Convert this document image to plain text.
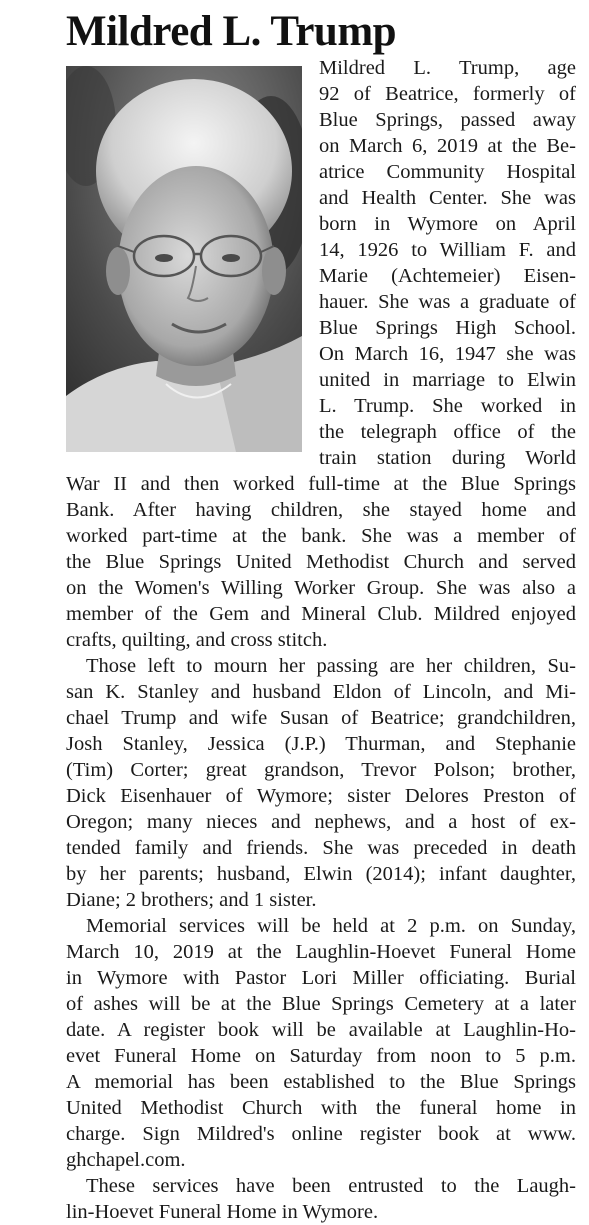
Mildred L. Trump
Mildred L. Trump, age
92 of Beatrice, formerly of
Blue Springs, passed away
on March 6, 2019 at the Be-
atrice Community Hospital
and Health Center. She was
born in Wymore on April
14, 1926 to William F. and
Marie (Achtemeier) Eisen-
hauer. She was a graduate of
Blue Springs High School.
On March 16, 1947 she was
united in marriage to Elwin
L. Trump. She worked in
the telegraph office of the
train station during World
War II and then worked full-time at the Blue Springs
Bank. After having children, she stayed home and
worked part-time at the bank. She was a member of
the Blue Springs United Methodist Church and served
on the Women's Willing Worker Group. She was also a
member of the Gem and Mineral Club. Mildred enjoyed
crafts, quilting, and cross stitch.
Those left to mourn her passing are her children, Su-
san K. Stanley and husband Eldon of Lincoln, and Mi-
chael Trump and wife Susan of Beatrice; grandchildren,
Josh Stanley, Jessica (J.P.) Thurman, and Stephanie
(Tim) Corter; great grandson, Trevor Polson; brother,
Dick Eisenhauer of Wymore; sister Delores Preston of
Oregon; many nieces and nephews, and a host of ex-
tended family and friends. She was preceded in death
by her parents; husband, Elwin (2014); infant daughter,
Diane; 2 brothers; and 1 sister.
Memorial services will be held at 2 p.m. on Sunday,
March 10, 2019 at the Laughlin-Hoevet Funeral Home
in Wymore with Pastor Lori Miller officiating. Burial
of ashes will be at the Blue Springs Cemetery at a later
date. A register book will be available at Laughlin-Ho-
evet Funeral Home on Saturday from noon to 5 p.m.
A memorial has been established to the Blue Springs
United Methodist Church with the funeral home in
charge. Sign Mildred's online register book at www.
ghchapel.com.
These services have been entrusted to the Laugh-
lin-Hoevet Funeral Home in Wymore.
